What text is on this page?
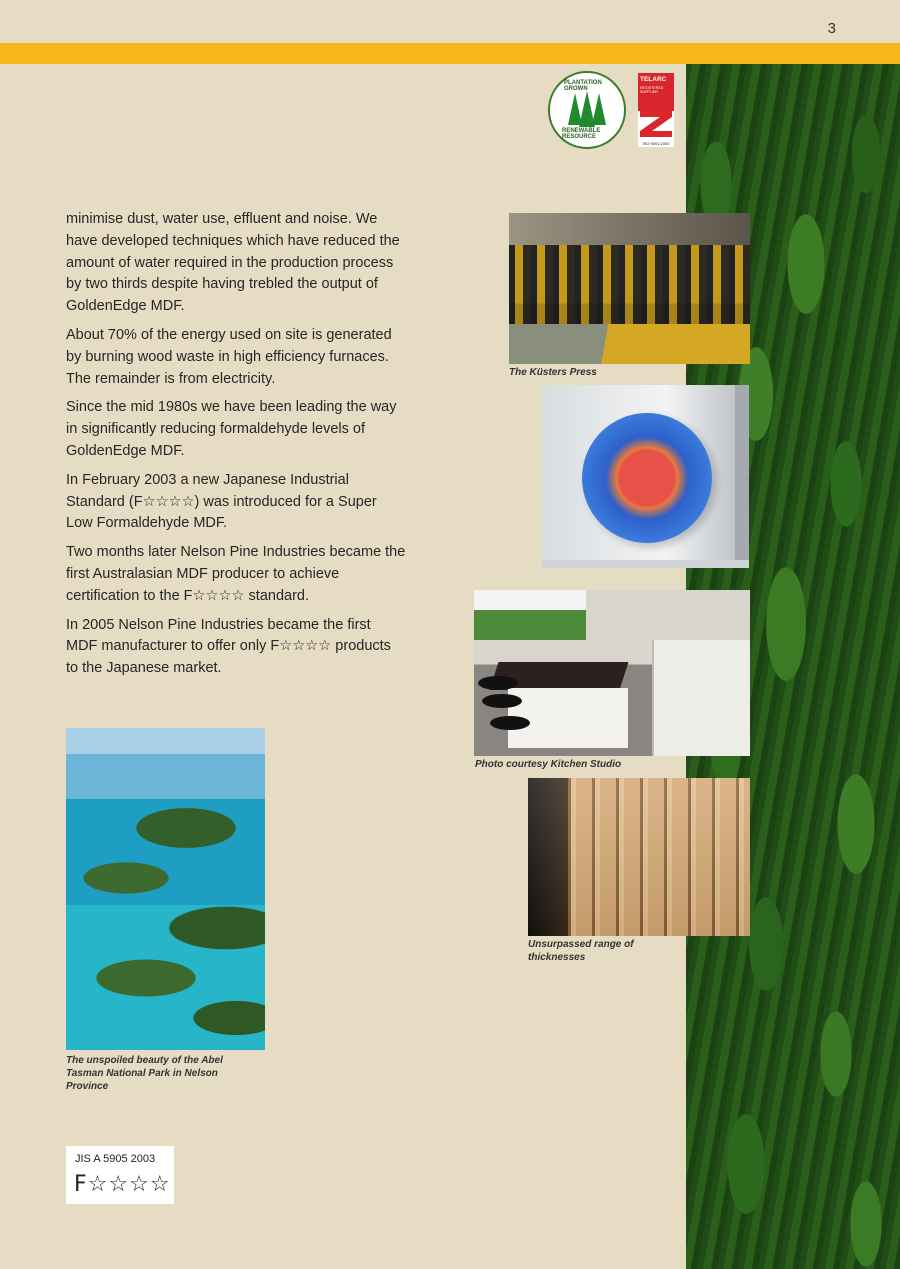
3
PLANTATION GROWN
RENEWABLE RESOURCE
TELARC
REGISTERED SUPPLIER
ISO 9001:2000

minimise dust, water use, effluent and noise. We have developed techniques which have reduced the amount of water required in the production process by two thirds despite having trebled the output of GoldenEdge MDF.

About 70% of the energy used on site is generated by burning wood waste in high efficiency furnaces. The remainder is from electricity.

Since the mid 1980s we have been leading the way in significantly reducing formaldehyde levels of GoldenEdge MDF.

In February 2003 a new Japanese Industrial Standard (F☆☆☆☆) was introduced for a Super Low Formaldehyde MDF.

Two months later Nelson Pine Industries became the first Australasian MDF producer to achieve certification to the F☆☆☆☆ standard.

In 2005 Nelson Pine Industries became the first MDF manufacturer to offer only F☆☆☆☆ products to the Japanese market.

The Küsters Press
Photo courtesy Kitchen Studio
Unsurpassed range of thicknesses
The unspoiled beauty of the Abel Tasman National Park in Nelson Province
JIS A 5905 2003
F☆☆☆☆
